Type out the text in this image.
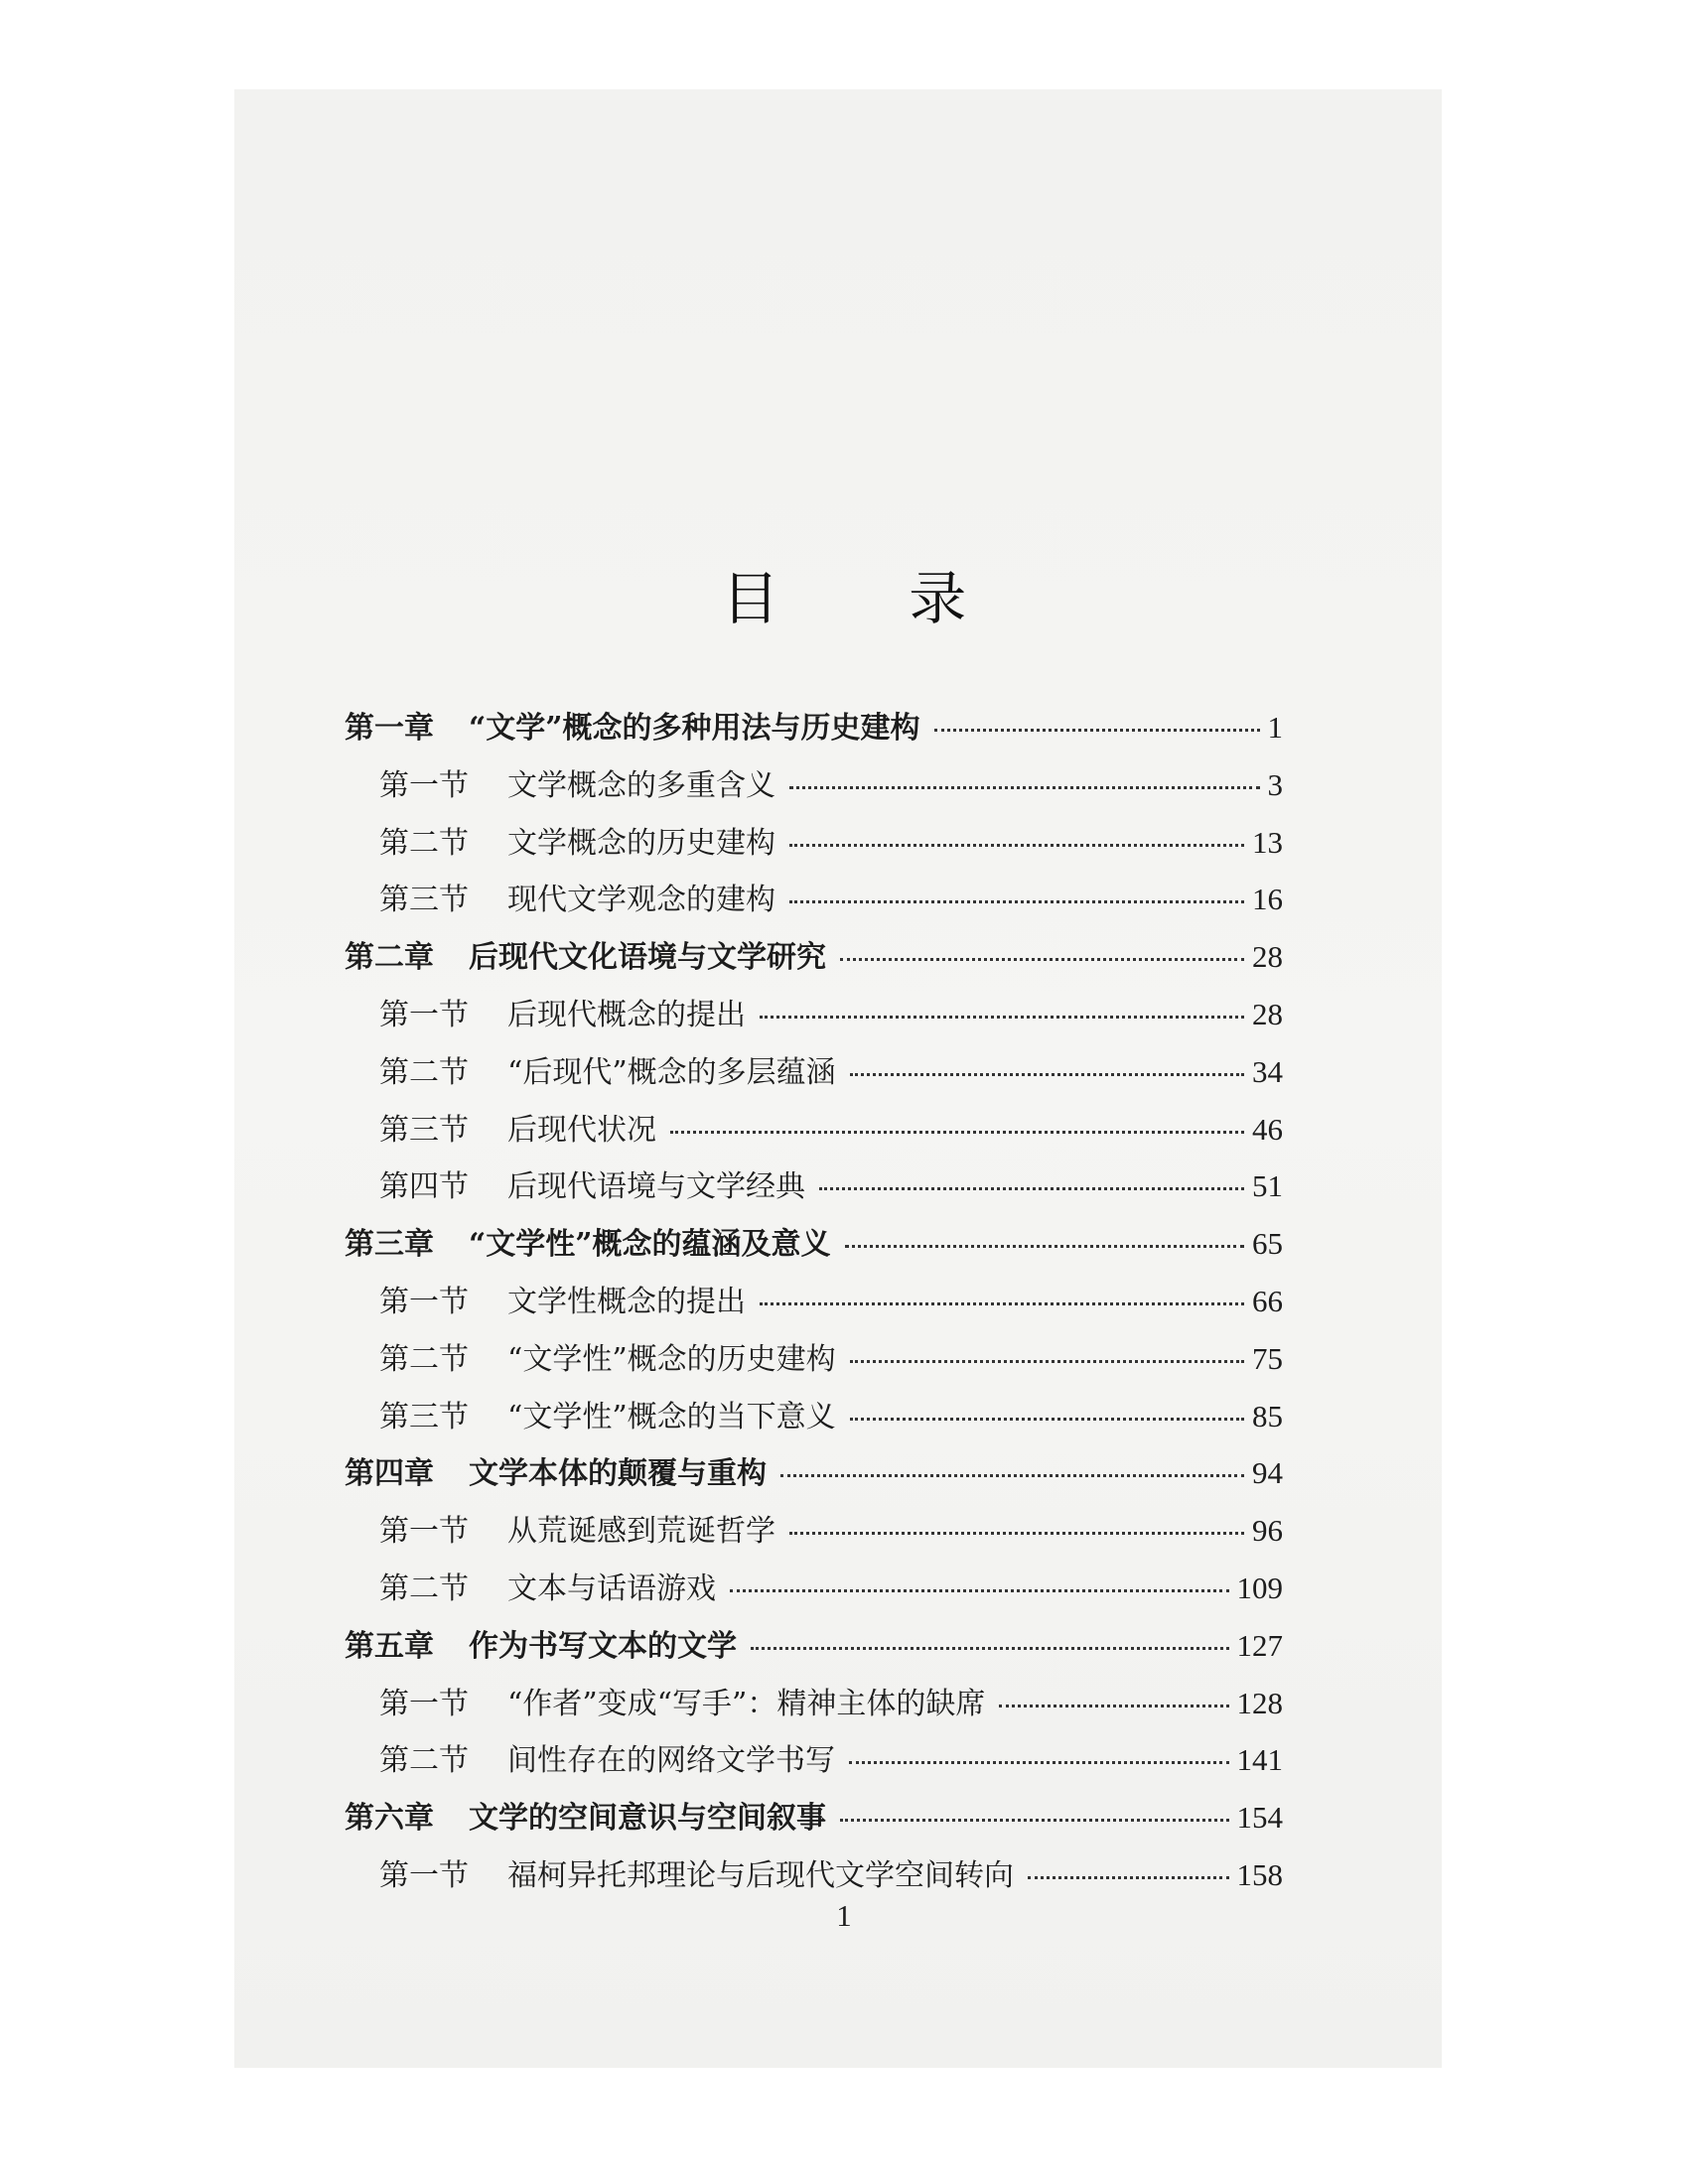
目 录
第一章	“文学”概念的多种用法与历史建构	1
第一节	文学概念的多重含义	3
第二节	文学概念的历史建构	13
第三节	现代文学观念的建构	16
第二章	后现代文化语境与文学研究	28
第一节	后现代概念的提出	28
第二节	“后现代”概念的多层蕴涵	34
第三节	后现代状况	46
第四节	后现代语境与文学经典	51
第三章	“文学性”概念的蕴涵及意义	65
第一节	文学性概念的提出	66
第二节	“文学性”概念的历史建构	75
第三节	“文学性”概念的当下意义	85
第四章	文学本体的颠覆与重构	94
第一节	从荒诞感到荒诞哲学	96
第二节	文本与话语游戏	109
第五章	作为书写文本的文学	127
第一节	“作者”变成“写手”：精神主体的缺席	128
第二节	间性存在的网络文学书写	141
第六章	文学的空间意识与空间叙事	154
第一节	福柯异托邦理论与后现代文学空间转向	158
1
